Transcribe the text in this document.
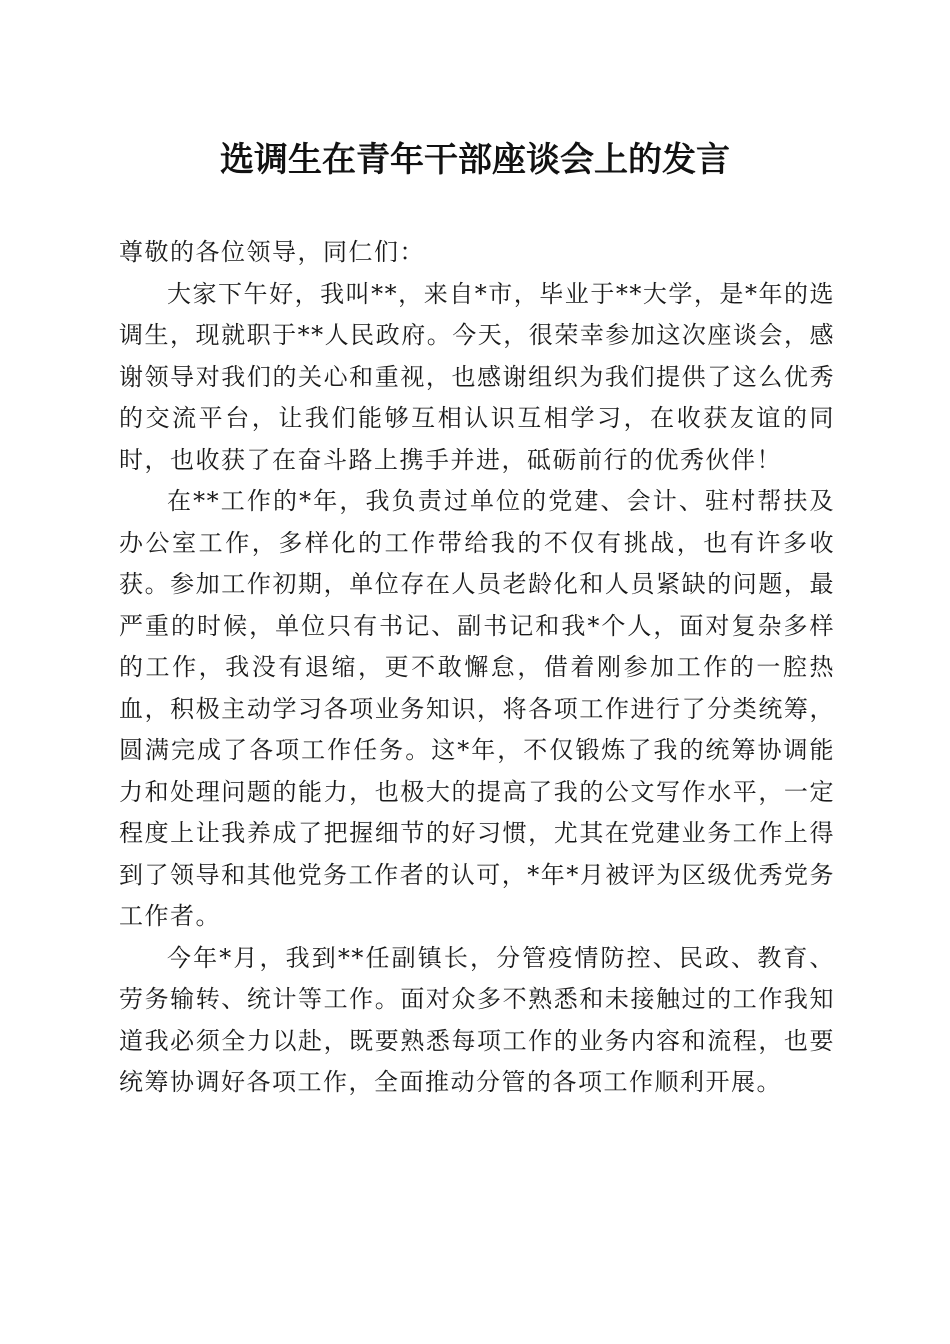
选调生在青年干部座谈会上的发言

尊敬的各位领导，同仁们：

大家下午好，我叫**，来自*市，毕业于**大学，是*年的选调生，现就职于**人民政府。今天，很荣幸参加这次座谈会，感谢领导对我们的关心和重视，也感谢组织为我们提供了这么优秀的交流平台，让我们能够互相认识互相学习，在收获友谊的同时，也收获了在奋斗路上携手并进，砥砺前行的优秀伙伴！

在**工作的*年，我负责过单位的党建、会计、驻村帮扶及办公室工作，多样化的工作带给我的不仅有挑战，也有许多收获。参加工作初期，单位存在人员老龄化和人员紧缺的问题，最严重的时候，单位只有书记、副书记和我*个人，面对复杂多样的工作，我没有退缩，更不敢懈怠，借着刚参加工作的一腔热血，积极主动学习各项业务知识，将各项工作进行了分类统筹，圆满完成了各项工作任务。这*年，不仅锻炼了我的统筹协调能力和处理问题的能力，也极大的提高了我的公文写作水平，一定程度上让我养成了把握细节的好习惯，尤其在党建业务工作上得到了领导和其他党务工作者的认可，*年*月被评为区级优秀党务工作者。

今年*月，我到**任副镇长，分管疫情防控、民政、教育、劳务输转、统计等工作。面对众多不熟悉和未接触过的工作我知道我必须全力以赴，既要熟悉每项工作的业务内容和流程，也要统筹协调好各项工作，全面推动分管的各项工作顺利开展。
